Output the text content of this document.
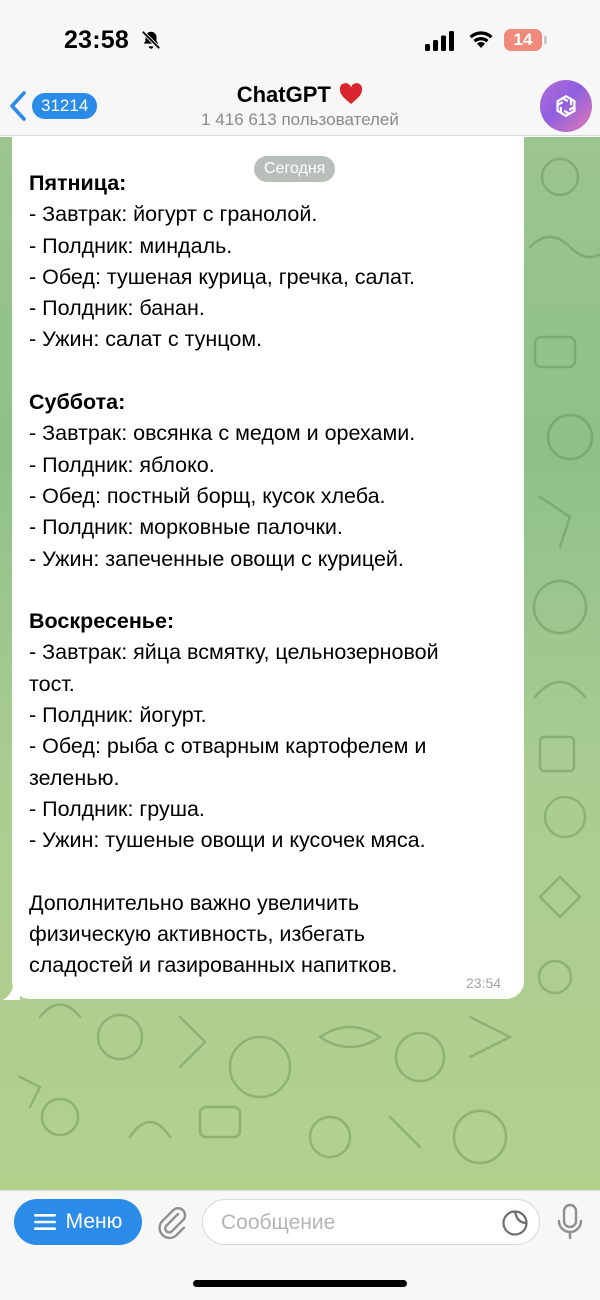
23:58	14
31214	ChatGPT
1 416 613 пользователей
Сегодня
Пятница:
- Завтрак: йогурт с гранолой.
- Полдник: миндаль.
- Обед: тушеная курица, гречка, салат.
- Полдник: банан.
- Ужин: салат с тунцом.
Суббота:
- Завтрак: овсянка с медом и орехами.
- Полдник: яблоко.
- Обед: постный борщ, кусок хлеба.
- Полдник: морковные палочки.
- Ужин: запеченные овощи с курицей.
Воскресенье:
- Завтрак: яйца всмятку, цельнозерновой
тост.
- Полдник: йогурт.
- Обед: рыба с отварным картофелем и
зеленью.
- Полдник: груша.
- Ужин: тушеные овощи и кусочек мяса.
Дополнительно важно увеличить
физическую активность, избегать
сладостей и газированных напитков.
23:54
Меню	Сообщение
